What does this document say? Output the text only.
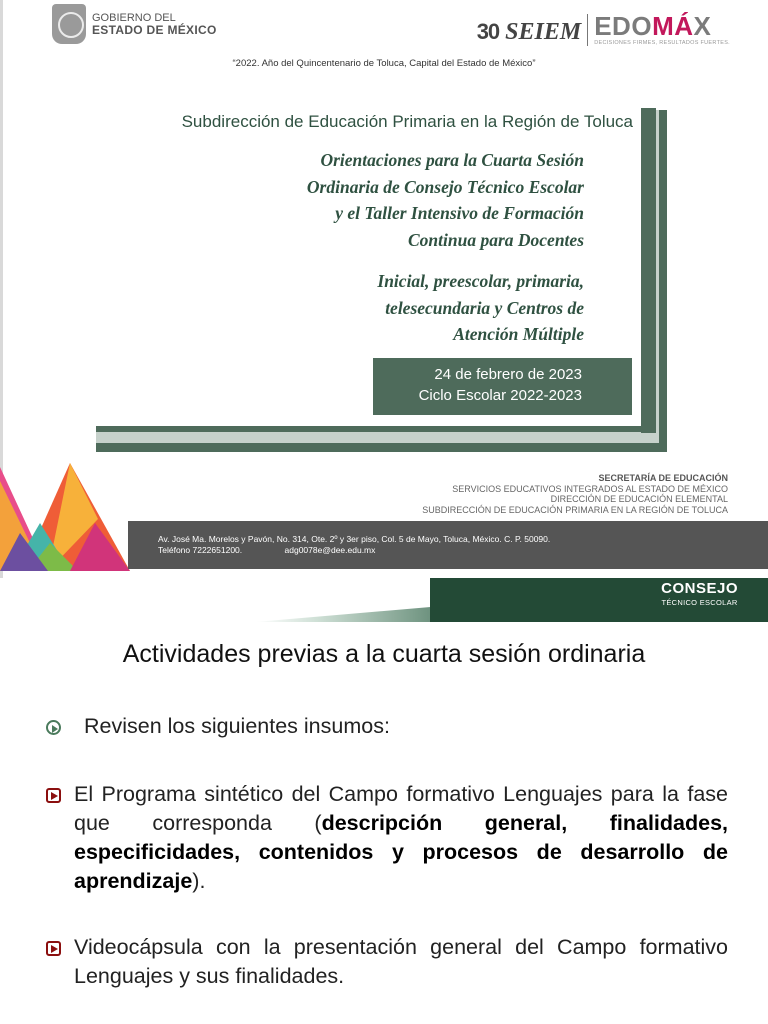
GOBIERNO DEL
ESTADO DE MÉXICO	30 SEIEM EDOMÁX
DECISIONES FIRMES, RESULTADOS FUERTES.
“2022. Año del Quincentenario de Toluca, Capital del Estado de México”
Subdirección de Educación Primaria en la Región de Toluca
Orientaciones para la Cuarta Sesión
Ordinaria de Consejo Técnico Escolar
y el Taller Intensivo de Formación
Continua para Docentes
Inicial, preescolar, primaria,
telesecundaria y Centros de
Atención Múltiple
24 de febrero de 2023
Ciclo Escolar 2022-2023
SECRETARÍA DE EDUCACIÓN
SERVICIOS EDUCATIVOS INTEGRADOS AL ESTADO DE MÉXICO
DIRECCIÓN DE EDUCACIÓN ELEMENTAL
SUBDIRECCIÓN DE EDUCACIÓN PRIMARIA EN LA REGIÓN DE TOLUCA
Av. José Ma. Morelos y Pavón, No. 314, Ote. 2º y 3er piso, Col. 5 de Mayo, Toluca, México. C. P. 50090.
Teléfono 7222651200.	adg0078e@dee.edu.mx
CONSEJO
TÉCNICO ESCOLAR
Actividades previas a la cuarta sesión ordinaria
Revisen los siguientes insumos:
El Programa sintético del Campo formativo Lenguajes para la fase que corresponda (descripción general, finalidades, especificidades, contenidos y procesos de desarrollo de aprendizaje).
Videocápsula con la presentación general del Campo formativo Lenguajes y sus finalidades.
